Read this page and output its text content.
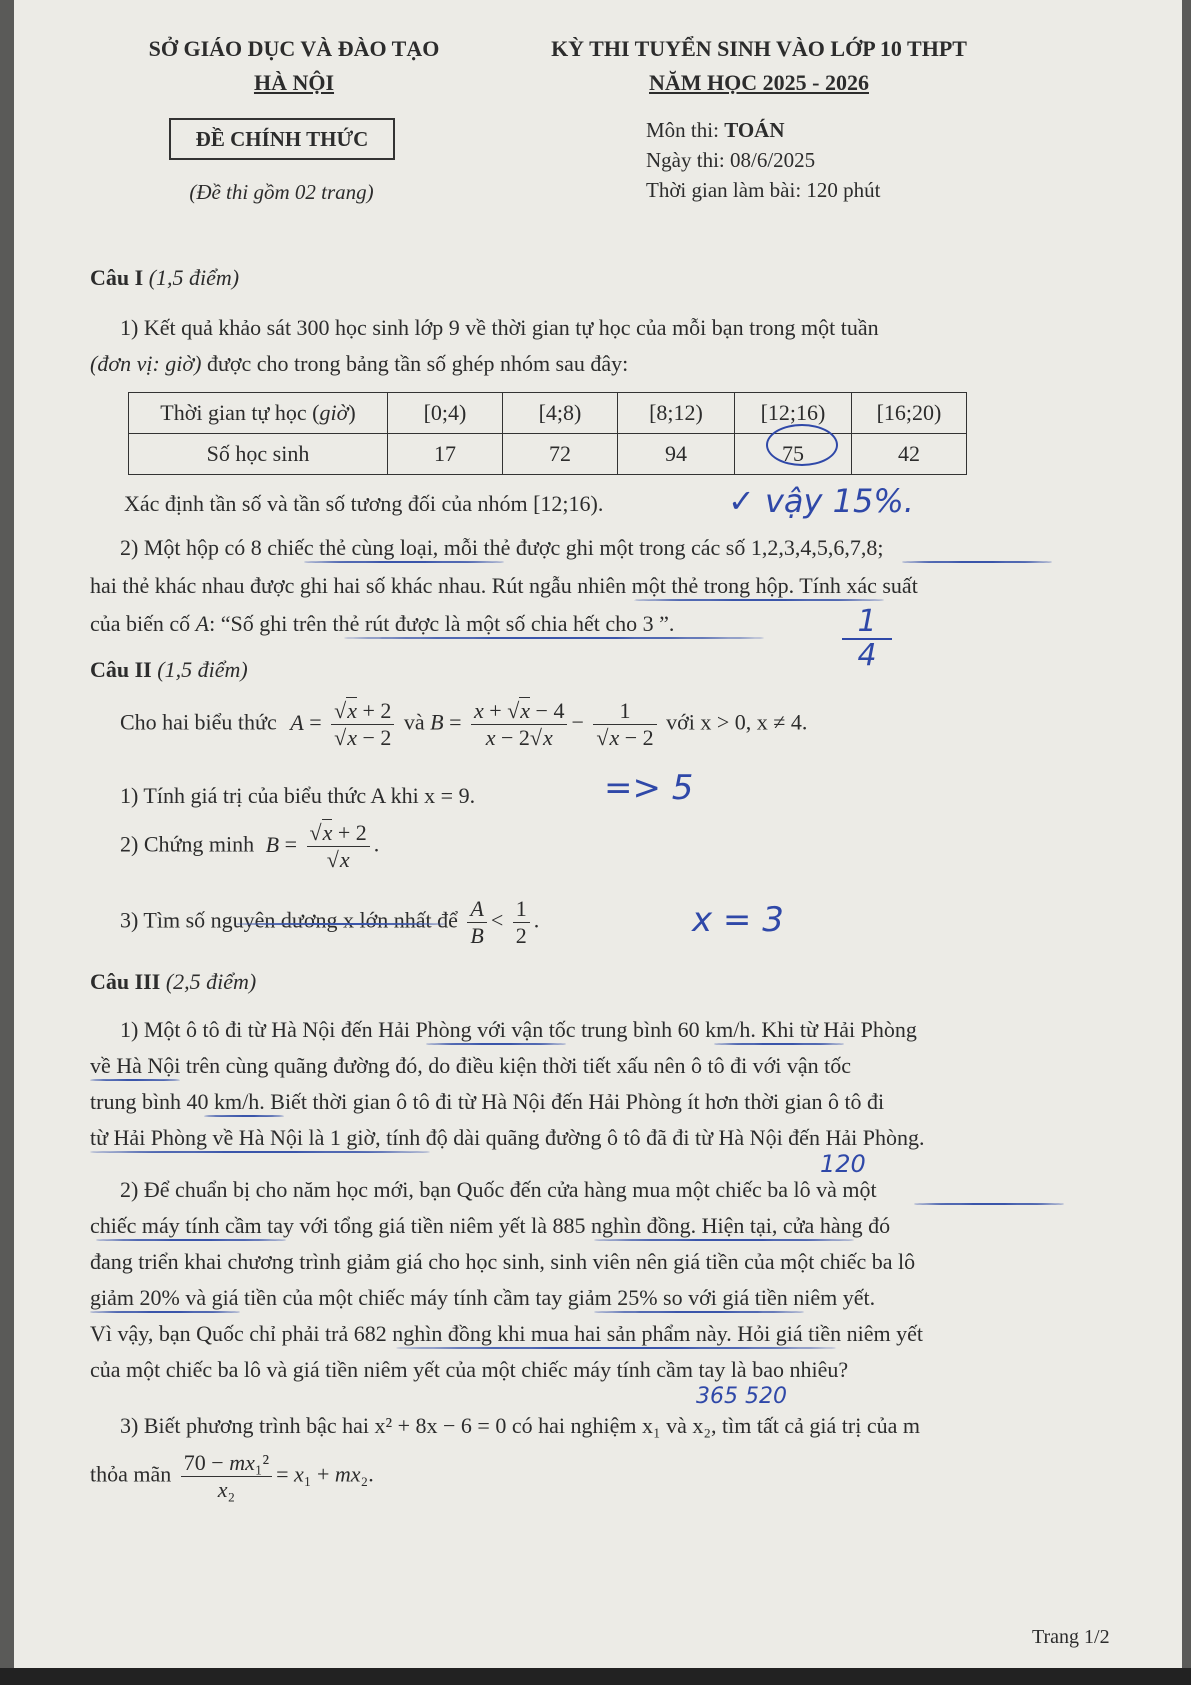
SỞ GIÁO DỤC VÀ ĐÀO TẠO
HÀ NỘI
KỲ THI TUYỂN SINH VÀO LỚP 10 THPT
NĂM HỌC 2025 - 2026
ĐỀ CHÍNH THỨC
(Đề thi gồm 02 trang)
Môn thi: TOÁN
Ngày thi: 08/6/2025
Thời gian làm bài: 120 phút
Câu I (1,5 điểm)
1) Kết quả khảo sát 300 học sinh lớp 9 về thời gian tự học của mỗi bạn trong một tuần
(đơn vị: giờ) được cho trong bảng tần số ghép nhóm sau đây:
Thời gian tự học (giờ)	[0;4)	[4;8)	[8;12)	[12;16)	[16;20)
Số học sinh	17	72	94	75	42
Xác định tần số và tần số tương đối của nhóm [12;16).
2) Một hộp có 8 chiếc thẻ cùng loại, mỗi thẻ được ghi một trong các số 1,2,3,4,5,6,7,8;
hai thẻ khác nhau được ghi hai số khác nhau. Rút ngẫu nhiên một thẻ trong hộp. Tính xác suất
của biến cố A: “Số ghi trên thẻ rút được là một số chia hết cho 3 ”.
Câu II (1,5 điểm)
Cho hai biểu thức $A = \frac{√x + 2}{√x - 2}$ và $B = \frac{x + √x - 4}{x - 2√x} - \frac{1}{√x - 2}$ với x > 0, x ≠ 4.
1) Tính giá trị của biểu thức A khi x = 9.
2) Chứng minh $B = \frac{√x + 2}{√x}$ .
3) Tìm số nguyên dương x lớn nhất để $\frac{A}{B} < \frac{1}{2}$ .
Câu III (2,5 điểm)
1) Một ô tô đi từ Hà Nội đến Hải Phòng với vận tốc trung bình 60 km/h. Khi từ Hải Phòng
về Hà Nội trên cùng quãng đường đó, do điều kiện thời tiết xấu nên ô tô đi với vận tốc
trung bình 40 km/h. Biết thời gian ô tô đi từ Hà Nội đến Hải Phòng ít hơn thời gian ô tô đi
từ Hải Phòng về Hà Nội là 1 giờ, tính độ dài quãng đường ô tô đã đi từ Hà Nội đến Hải Phòng.
2) Để chuẩn bị cho năm học mới, bạn Quốc đến cửa hàng mua một chiếc ba lô và một
chiếc máy tính cầm tay với tổng giá tiền niêm yết là 885 nghìn đồng. Hiện tại, cửa hàng đó
đang triển khai chương trình giảm giá cho học sinh, sinh viên nên giá tiền của một chiếc ba lô
giảm 20% và giá tiền của một chiếc máy tính cầm tay giảm 25% so với giá tiền niêm yết.
Vì vậy, bạn Quốc chỉ phải trả 682 nghìn đồng khi mua hai sản phẩm này. Hỏi giá tiền niêm yết
của một chiếc ba lô và giá tiền niêm yết của một chiếc máy tính cầm tay là bao nhiêu?
3) Biết phương trình bậc hai x² + 8x − 6 = 0 có hai nghiệm x₁ và x₂, tìm tất cả giá trị của m
thỏa mãn $\frac{\text{70 − mx₁²}}{\text{x₂}} = x_1 + mx_2$.
Trang 1/2
✓ vậy 15%.
1
4
=> 5
x = 3
120
365 520
